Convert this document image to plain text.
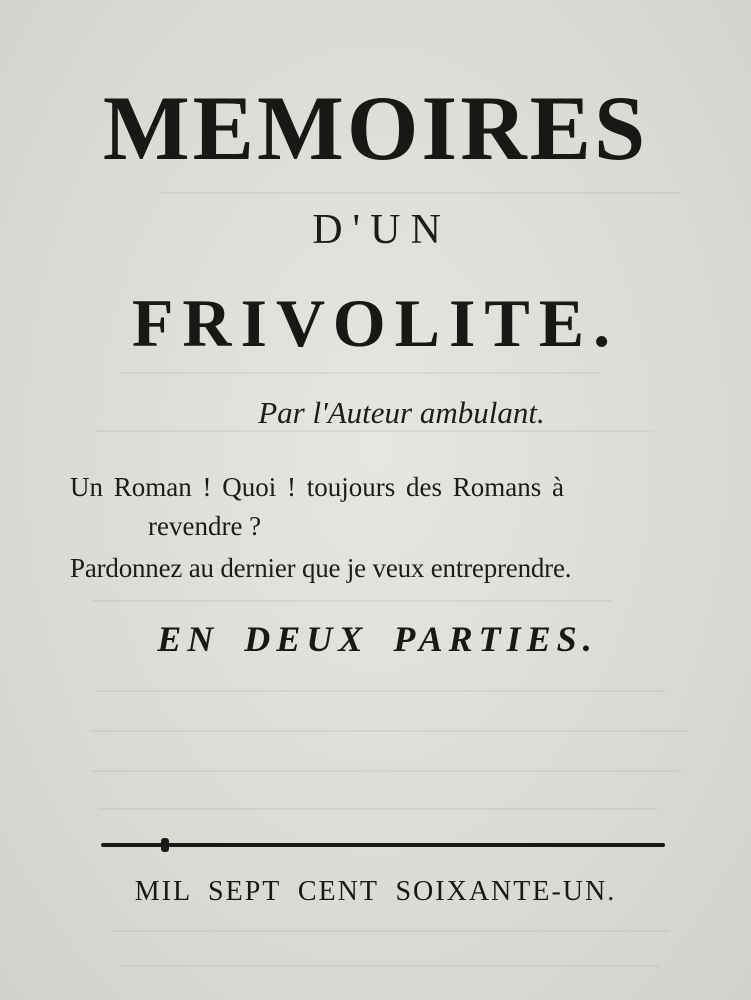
MEMOIRES
D'UN
FRIVOLITE.
Par l'Auteur ambulant.
Un Roman ! Quoi ! toujours des Romans à
revendre ?
Pardonnez au dernier que je veux entreprendre.
EN DEUX PARTIES.
MIL SEPT CENT SOIXANTE-UN.
